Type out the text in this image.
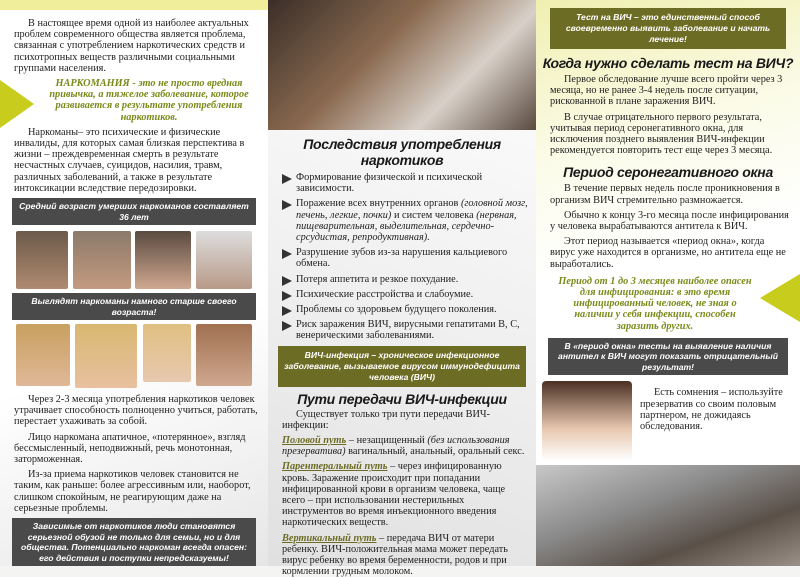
В настоящее время одной из наиболее актуальных проблем современного общества является проблема, связанная с употреблением наркотических средств и психотропных веществ различными социальными группами населения.

НАРКОМАНИЯ - это не просто вредная привычка, а тяжелое заболевание, которое развивается в результате употребления наркотиков.

Наркоманы– это психические и физические инвалиды, для которых самая близкая перспектива в жизни – преждевременная смерть в результате несчастных случаев, суицидов, насилия, травм, различных заболеваний, а также в результате интоксикации вследствие передозировки.

Средний возраст умерших наркоманов составляет 36 лет
Выглядят наркоманы намного старше своего возраста!

Через 2-3 месяца употребления наркотиков человек утрачивает способность полноценно учиться, работать, перестает ухаживать за собой.

Лицо наркомана апатичное, «потерянное», взгляд бессмысленный, неподвижный, речь монотонная, заторможенная.

Из-за приема наркотиков человек становится не таким, как раньше: более агрессивным или, наоборот, слишком спокойным, не реагирующим даже на серьезные проблемы.

Зависимые от наркотиков люди становятся серьезной обузой не только для семьи, но и для общества. Потенциально наркоман всегда опасен: его действия и поступки непредсказуемы!
Последствия употребления наркотиков
Формирование физической и психической зависимости.
Поражение всех внутренних органов (головной мозг, печень, легкие, почки) и систем человека (нервная, пищеварительная, выделительная, сердечно-срсудистая, репродуктивная).
Разрушение зубов из-за нарушения кальциевого обмена.
Потеря аппетита и резкое похудание.
Психические расстройства и слабоумие.
Проблемы со здоровьем будущего поколения.
Риск заражения ВИЧ, вирусными гепатитами В, С, венерическими заболеваниями.
ВИЧ-инфекция – хроническое инфекционное заболевание, вызываемое вирусом иммунодефицита человека (ВИЧ)
Пути передачи ВИЧ-инфекции

Существует только три пути передачи ВИЧ-инфекции:

Половой путь – незащищенный (без использования презерватива) вагинальный, анальный, оральный секс.

Парентеральный путь – через инфицированную кровь. Заражение происходит при попадании инфицированной крови в организм человека, чаще всего – при использовании нестерильных инструментов во время инъекционного введения наркотических веществ.

Вертикальный путь – передача ВИЧ от матери ребенку. ВИЧ-положительная мама может передать вирус ребенку во время беременности, родов и при кормлении грудным молоком.

Тест на ВИЧ – это единственный способ своевременно выявить заболевание и начать лечение!
Когда нужно сделать тест на ВИЧ?

Первое обследование лучше всего пройти через 3 месяца, но не ранее 3-4 недель после ситуации, рискованной в плане заражения ВИЧ.

В случае отрицательного первого результата, учитывая период серонегативного окна, для исключения позднего выявления ВИЧ-инфекции рекомендуется повторить тест еще через 3 месяца.

Период серонегативного окна

В течение первых недель после проникновения в организм ВИЧ стремительно размножается.

Обычно к концу 3-го месяца после инфицирования у человека вырабатываются антитела к ВИЧ.

Этот период называется «период окна», когда вирус уже находится в организме, но антитела еще не выработались.

Период от 1 до 3 месяцев наиболее опасен для инфицирования: в это время инфицированный человек, не зная о наличии у себя инфекции, способен заразить других.
В «период окна» тесты на выявление наличия антител к ВИЧ могут показать отрицательный результат!

Есть сомнения – используйте презерватив со своим половым партнером, не дожидаясь обследования.
